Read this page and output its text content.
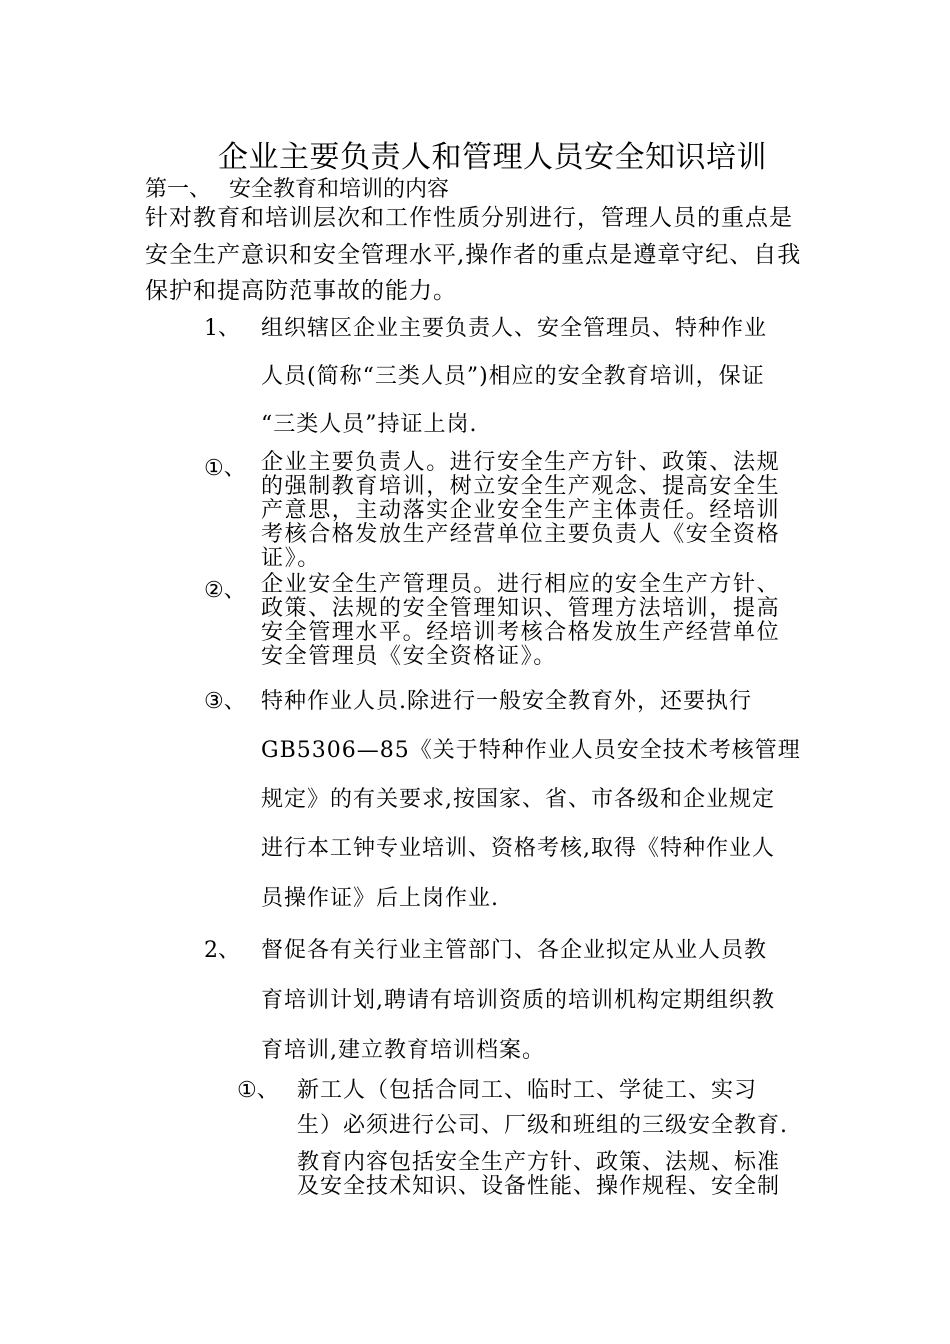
企业主要负责人和管理人员安全知识培训
第一、 安全教育和培训的内容
针对教育和培训层次和工作性质分别进行，管理人员的重点是
安全生产意识和安全管理水平,操作者的重点是遵章守纪、自我
保护和提高防范事故的能力。
1、 组织辖区企业主要负责人、安全管理员、特种作业
人员(简称“三类人员”)相应的安全教育培训，保证
“三类人员”持证上岗.
①、 企业主要负责人。进行安全生产方针、政策、法规
的强制教育培训，树立安全生产观念、提高安全生
产意思，主动落实企业安全生产主体责任。经培训
考核合格发放生产经营单位主要负责人《安全资格
证》。
②、 企业安全生产管理员。进行相应的安全生产方针、
政策、法规的安全管理知识、管理方法培训，提高
安全管理水平。经培训考核合格发放生产经营单位
安全管理员《安全资格证》。
③、 特种作业人员.除进行一般安全教育外，还要执行
GB5306—85《关于特种作业人员安全技术考核管理
规定》的有关要求,按国家、省、市各级和企业规定
进行本工钟专业培训、资格考核,取得《特种作业人
员操作证》后上岗作业.
2、 督促各有关行业主管部门、各企业拟定从业人员教
育培训计划,聘请有培训资质的培训机构定期组织教
育培训,建立教育培训档案。
①、 新工人（包括合同工、临时工、学徒工、实习
生）必须进行公司、厂级和班组的三级安全教育.
教育内容包括安全生产方针、政策、法规、标准
及安全技术知识、设备性能、操作规程、安全制
